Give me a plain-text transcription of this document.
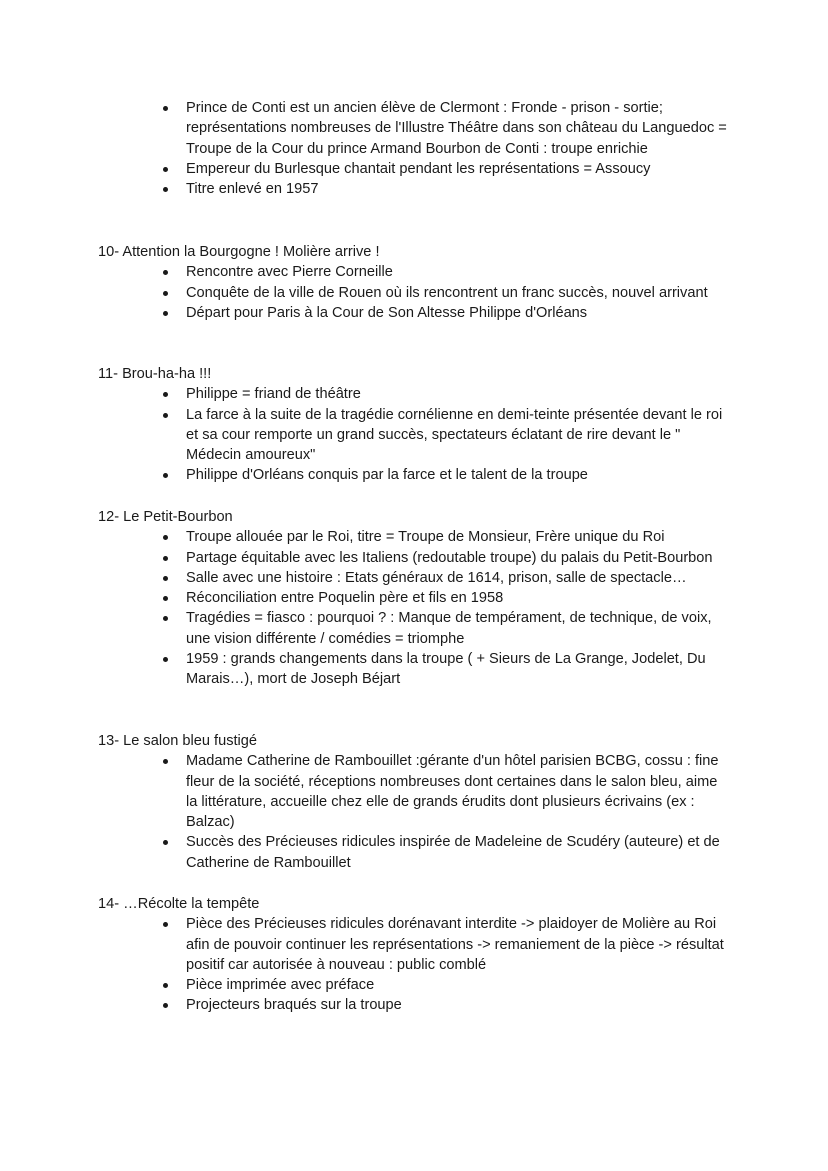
Prince de Conti est un ancien élève de Clermont : Fronde - prison - sortie; représentations nombreuses de l'Illustre Théâtre dans son château du Languedoc = Troupe de la Cour du prince Armand Bourbon de Conti : troupe enrichie
Empereur du Burlesque chantait pendant les représentations = Assoucy
Titre enlevé en 1957
10- Attention la Bourgogne ! Molière arrive !
Rencontre avec Pierre Corneille
Conquête de la ville de Rouen où ils rencontrent un franc succès, nouvel arrivant
Départ pour Paris à la Cour de Son Altesse Philippe d'Orléans
11- Brou-ha-ha !!!
Philippe = friand de théâtre
La farce à la suite de la tragédie cornélienne en demi-teinte présentée devant le roi et sa cour remporte un grand succès, spectateurs éclatant de rire devant le " Médecin amoureux"
Philippe d'Orléans conquis par la farce et le talent de la troupe
12- Le Petit-Bourbon
Troupe allouée par le Roi, titre = Troupe de Monsieur, Frère unique du Roi
Partage équitable avec les Italiens (redoutable troupe) du palais du Petit-Bourbon
Salle avec une histoire : Etats généraux de 1614, prison, salle de spectacle…
Réconciliation entre Poquelin père et fils en 1958
Tragédies = fiasco : pourquoi ? : Manque de tempérament, de technique, de voix, une vision différente / comédies = triomphe
1959 : grands changements dans la troupe ( + Sieurs de La Grange, Jodelet, Du Marais…), mort de Joseph Béjart
13- Le salon bleu fustigé
Madame Catherine de Rambouillet :gérante d'un hôtel parisien BCBG, cossu : fine fleur de la société, réceptions nombreuses dont certaines dans le salon bleu, aime la littérature, accueille chez elle de grands érudits dont plusieurs écrivains (ex : Balzac)
Succès des Précieuses ridicules inspirée de Madeleine de Scudéry (auteure) et de Catherine de Rambouillet
14- …Récolte la tempête
Pièce des Précieuses ridicules dorénavant interdite -> plaidoyer de Molière au Roi afin de pouvoir continuer les représentations -> remaniement de la pièce -> résultat positif car autorisée à nouveau : public comblé
Pièce imprimée avec préface
Projecteurs braqués sur la troupe
